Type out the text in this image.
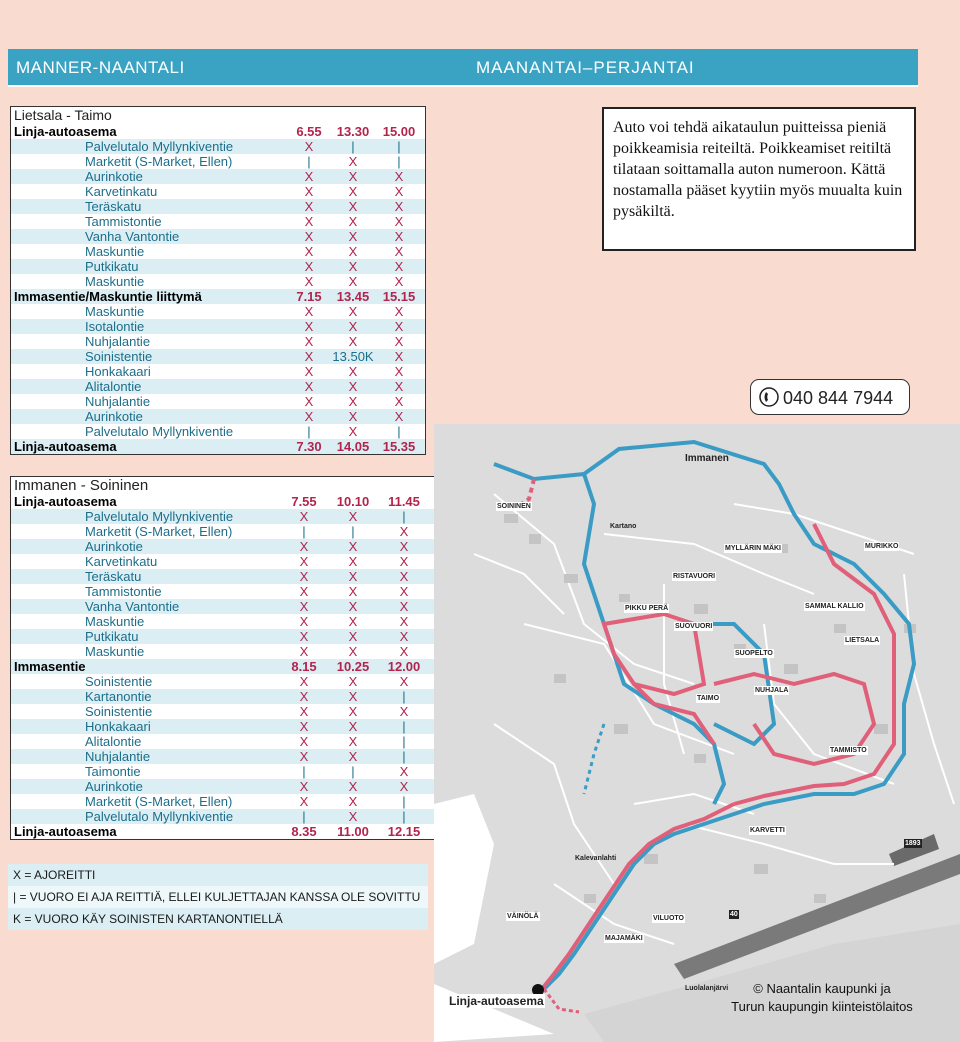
MANNER-NAANTALI	MAANANTAI–PERJANTAI
Lietsala - Taimo
Linja-autoasema	6.55	13.30	15.00
Palvelutalo Myllynkiventie	X	|	|
Marketit (S-Market, Ellen)	|	X	|
Aurinkotie	X	X	X
Karvetinkatu	X	X	X
Teräskatu	X	X	X
Tammistontie	X	X	X
Vanha Vantontie	X	X	X
Maskuntie	X	X	X
Putkikatu	X	X	X
Maskuntie	X	X	X
Immasentie/Maskuntie liittymä	7.15	13.45	15.15
Maskuntie	X	X	X
Isotalontie	X	X	X
Nuhjalantie	X	X	X
Soinistentie	X	13.50K	X
Honkakaari	X	X	X
Alitalontie	X	X	X
Nuhjalantie	X	X	X
Aurinkotie	X	X	X
Palvelutalo Myllynkiventie	|	X	|
Linja-autoasema	7.30	14.05	15.35
Immanen - Soininen
Linja-autoasema	7.55	10.10	11.45
Palvelutalo Myllynkiventie	X	X	|
Marketit (S-Market, Ellen)	|	|	X
Aurinkotie	X	X	X
Karvetinkatu	X	X	X
Teräskatu	X	X	X
Tammistontie	X	X	X
Vanha Vantontie	X	X	X
Maskuntie	X	X	X
Putkikatu	X	X	X
Maskuntie	X	X	X
Immasentie	8.15	10.25	12.00
Soinistentie	X	X	X
Kartanontie	X	X	|
Soinistentie	X	X	X
Honkakaari	X	X	|
Alitalontie	X	X	|
Nuhjalantie	X	X	|
Taimontie	|	|	X
Aurinkotie	X	X	X
Marketit (S-Market, Ellen)	X	X	|
Palvelutalo Myllynkiventie	|	X	|
Linja-autoasema	8.35	11.00	12.15
X = AJOREITTI
| = VUORO EI AJA REITTIÄ, ELLEI KULJETTAJAN KANSSA OLE SOVITTU
K = VUORO KÄY SOINISTEN KARTANONTIELLÄ
Auto voi tehdä aikataulun puitteissa pieniä poikkeamisia reiteiltä. Poikkeamiset reitiltä tilataan soittamalla auton numeroon. Kättä nostamalla pääset kyytiin myös muualta kuin pysäkiltä.
040 844 7944
Immanen
SOININEN
MYLLÄRIN MÄKI
RISTAVUORI
PIKKU PERÄ
SUOVUORI
SAMMAL KALLIO
SUOPELTO
LIETSALA
TAIMO
NUHJALA
TAMMISTO
KARVETTI
MURIKKO
Kalevanlahti
VÄINÖLÄ	VILUOTO
MAJAMÄKI
Luolalanjärvi
Kartano
40
1893
Linja-autoasema
© Naantalin kaupunki ja
Turun kaupungin kiinteistölaitos
